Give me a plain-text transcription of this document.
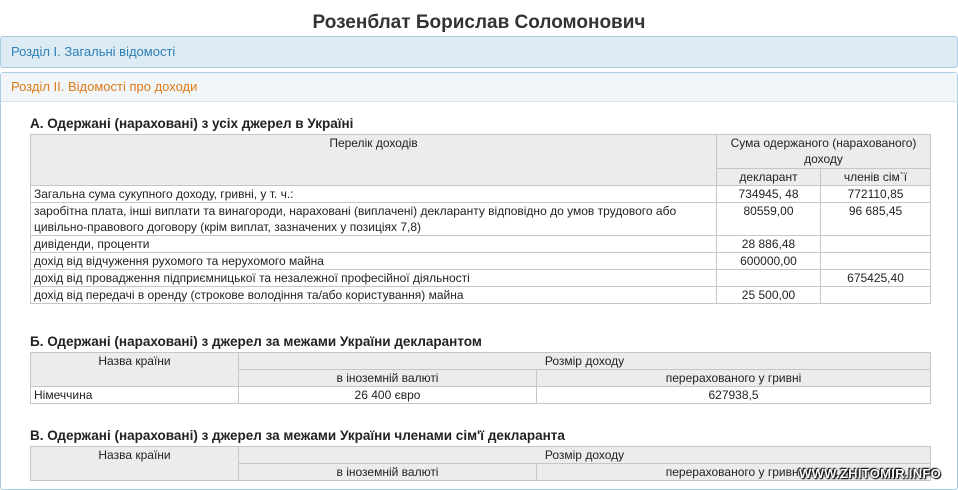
Розенблат Борислав Соломонович
Розділ І. Загальні відомості
Розділ ІІ. Відомості про доходи
А. Одержані (нараховані) з усіх джерел в Україні
Перелік доходів	Сума одержаного (нарахованого) доходу	
	декларант	членів сім`ї
Загальна сума сукупного доходу, гривні, у т. ч.:	734945, 48	772110,85
заробітна плата, інші виплати та винагороди, нараховані (виплачені) декларанту відповідно до умов трудового або цивільно-правового договору (крім виплат, зазначених у позиціях 7,8)	80559,00	96 685,45
дивіденди, проценти	28 886,48	
дохід від відчуження рухомого та нерухомого майна	600000,00	
дохід від провадження підприємницької та незалежної професійної діяльності		675425,40
дохід від передачі в оренду (строкове володіння та/або користування) майна	25 500,00	
Б. Одержані (нараховані) з джерел за межами України декларантом
Назва країни	Розмір доходу	
	в іноземній валюті	перерахованого у гривні
Німеччина	26 400 євро	627938,5
В. Одержані (нараховані) з джерел за межами України членами сім'ї декларанта
Назва країни	Розмір доходу	
	в іноземній валюті	перерахованого у гривні
WWW.ZHITOMIR.INFO
